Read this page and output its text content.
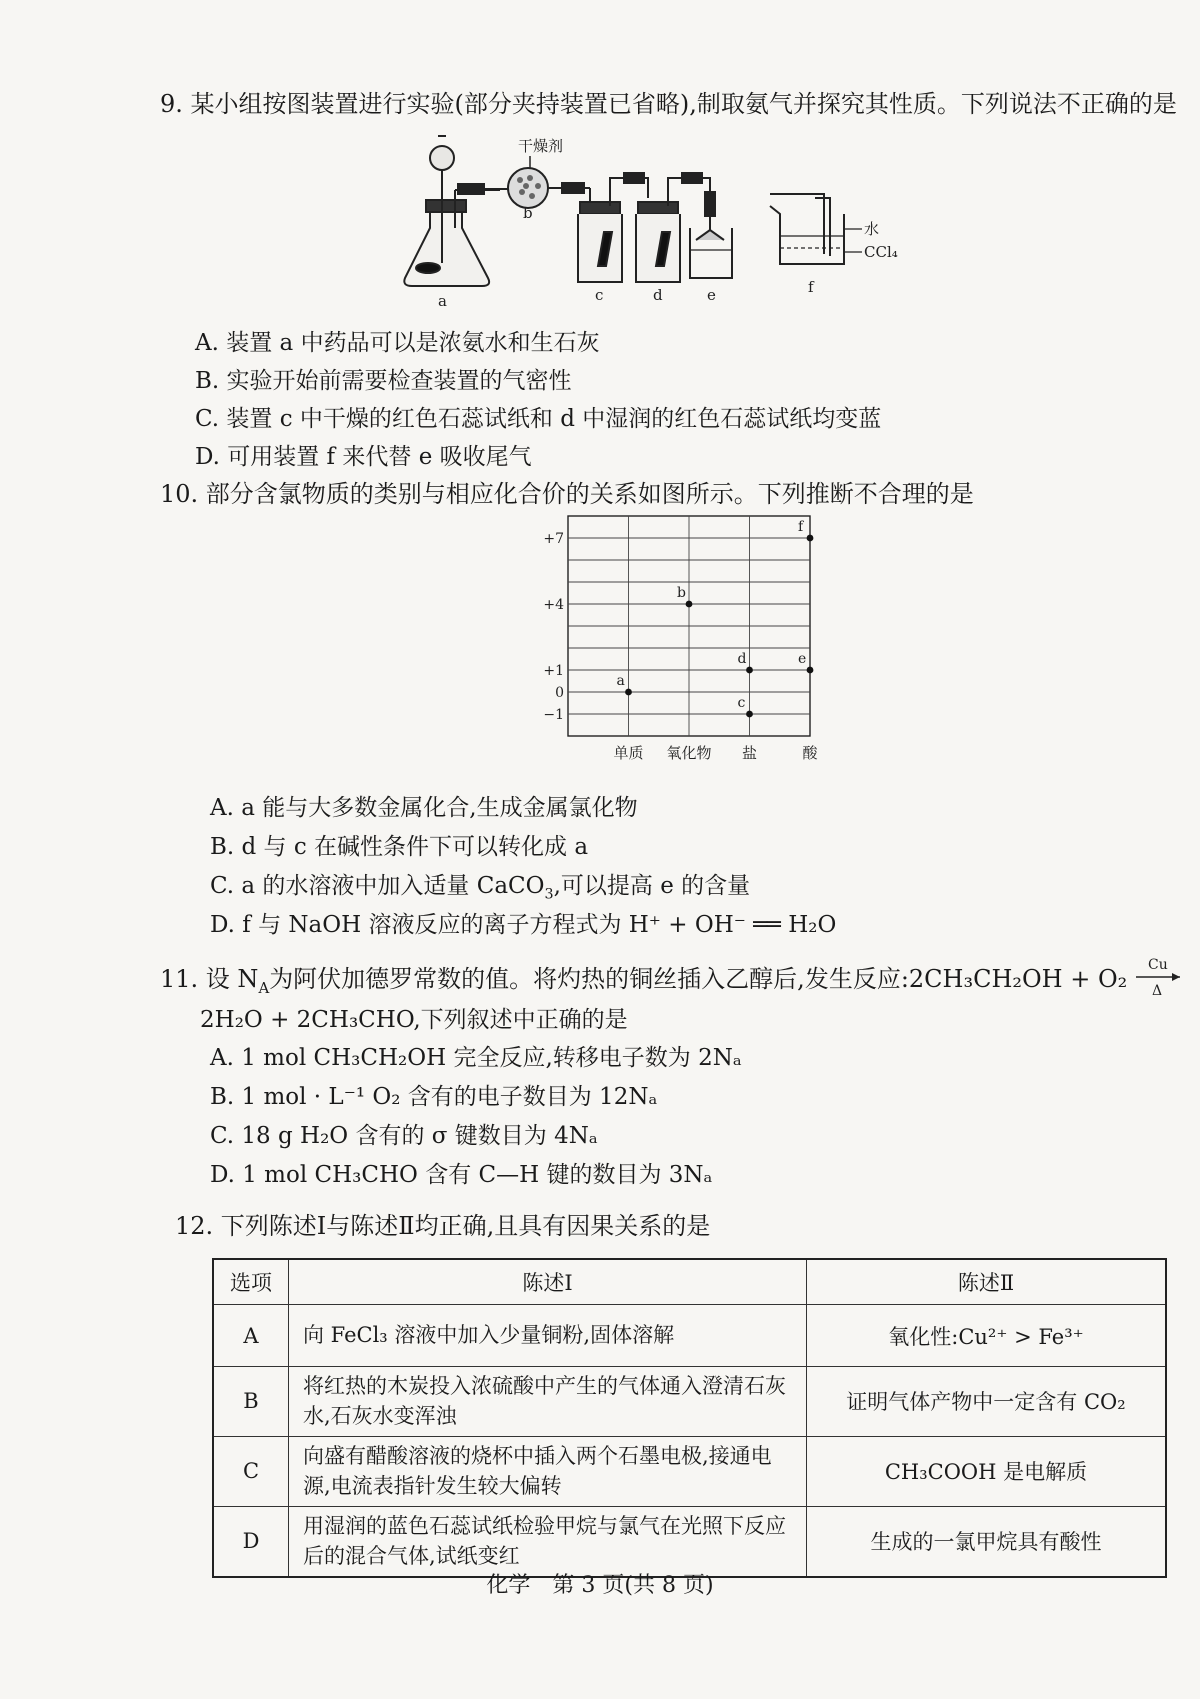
9. 某小组按图装置进行实验(部分夹持装置已省略),制取氨气并探究其性质。下列说法不正确的是
干燥剂
b
水
CCl₄
a	c	d	e	f
A. 装置 a 中药品可以是浓氨水和生石灰
B. 实验开始前需要检查装置的气密性
C. 装置 c 中干燥的红色石蕊试纸和 d 中湿润的红色石蕊试纸均变蓝
D. 可用装置 f 来代替 e 吸收尾气
10. 部分含氯物质的类别与相应化合价的关系如图所示。下列推断不合理的是
+7
+4
+1
0
−1
单质 氧化物 盐	酸
a
b
c
d	e
f
A. a 能与大多数金属化合,生成金属氯化物
B. d 与 c 在碱性条件下可以转化成 a
C. a 的水溶液中加入适量 CaCO$_3$,可以提高 e 的含量
D. f 与 NaOH 溶液反应的离子方程式为 H⁺ + OH⁻ ══ H₂O
11. 设 $N_A$为阿伏加德罗常数的值。将灼热的铜丝插入乙醇后,发生反应:2CH₃CH₂OH + O₂ Cu
Δ
2H₂O + 2CH₃CHO,下列叙述中正确的是
A. 1 mol CH₃CH₂OH 完全反应,转移电子数为 2Nₐ
B. 1 mol · L⁻¹ O₂ 含有的电子数目为 12Nₐ
C. 18 g H₂O 含有的 σ 键数目为 4Nₐ
D. 1 mol CH₃CHO 含有 C—H 键的数目为 3Nₐ
12. 下列陈述Ⅰ与陈述Ⅱ均正确,且具有因果关系的是
选项	陈述Ⅰ	陈述Ⅱ
A	向 FeCl₃ 溶液中加入少量铜粉,固体溶解	氧化性:Cu²⁺ > Fe³⁺
B	将红热的木炭投入浓硫酸中产生的气体通入澄清石灰水,石灰水变浑浊	证明气体产物中一定含有 CO₂
C	向盛有醋酸溶液的烧杯中插入两个石墨电极,接通电源,电流表指针发生较大偏转	CH₃COOH 是电解质
D	用湿润的蓝色石蕊试纸检验甲烷与氯气在光照下反应后的混合气体,试纸变红	生成的一氯甲烷具有酸性
化学　第 3 页(共 8 页)
